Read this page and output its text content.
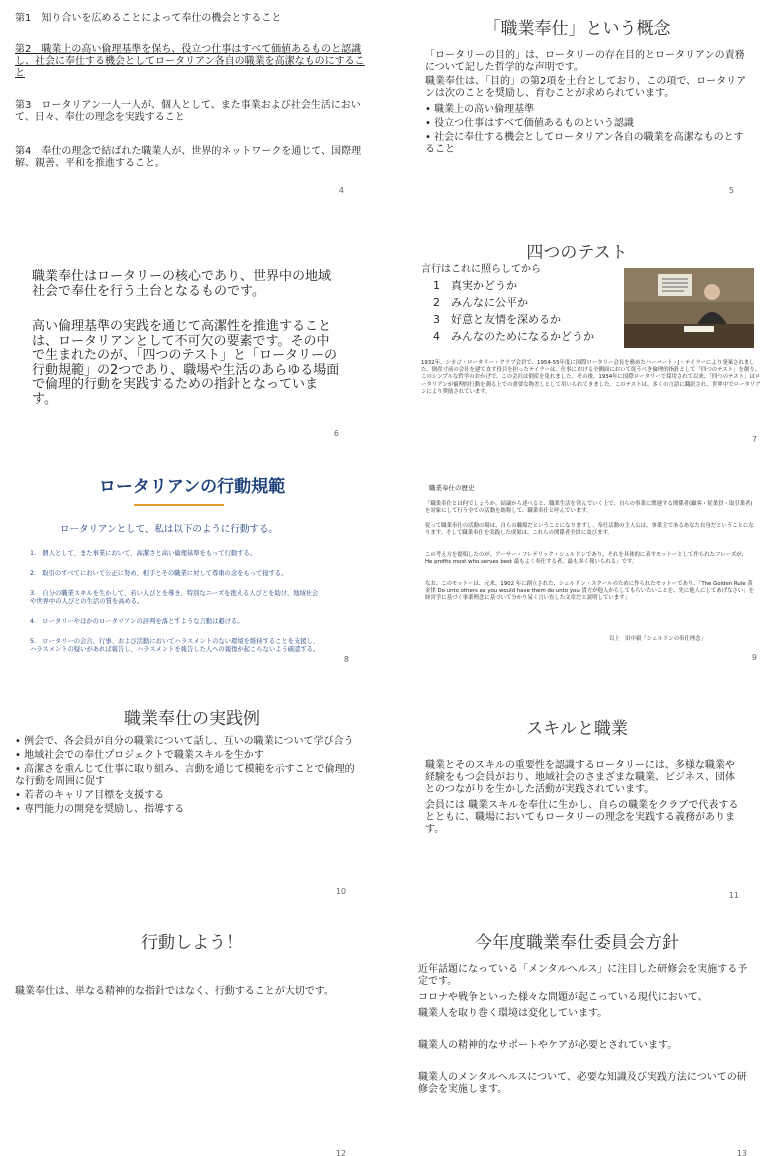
第1　知り合いを広めることによって奉仕の機会とすること
第2　職業上の高い倫理基準を保ち、役立つ仕事はすべて価値あるものと認識し、社会に奉仕する機会としてロータリアン各自の職業を高潔なものにすること
第3　ロータリアン一人一人が、個人として、また事業および社会生活において、日々、奉仕の理念を実践すること
第4　奉仕の理念で結ばれた職業人が、世界的ネットワークを通じて、国際理解、親善、平和を推進すること。
4
「職業奉仕」という概念
「ロータリーの目的」は、ロータリーの存在目的とロータリアンの責務について記した哲学的な声明です。
職業奉仕は、「目的」の第2項を土台としており、この項で、ロータリアンは次のことを奨励し、育むことが求められています。
• 職業上の高い倫理基準
• 役立つ仕事はすべて価値あるものという認識
• 社会に奉仕する機会としてロータリアン各自の職業を高潔なものとすること
5
職業奉仕はロータリーの核心であり、世界中の地域社会で奉仕を行う土台となるものです。
高い倫理基準の実践を通じて高潔性を推進することは、ロータリアンとして不可欠の要素です。その中で生まれたのが、「四つのテスト」と「ロータリーの行動規範」の2つであり、職場や生活のあらゆる場面で倫理的行動を実践するための指針となっています。
6
四つのテスト
言行はこれに照らしてから
1　真実かどうか
2　みんなに公平か
3　好意と友情を深めるか
4　みんなのためになるかどうか
1932年、シカゴ・ロータリー・クラブ会員で、1954-55年度に国際ロータリー会長を務めたハーバート・J・テイラーにより発案されました。倒産寸前の会社を建て直す役目を担ったテイラーは、仕事における全側面において従うべき倫理的指針として「四つのテスト」を創り、このシンプルな哲学のおかげで、この会社は倒産を免れました。その後、1934年に国際ロータリーで採用されて以来、「四つのテスト」はロータリアンが倫理的行動を測る上での重要な物差しとして用いられてきました。このテストは、多くの言語に翻訳され、世界中でロータリアンにより奨励されています。
7
ロータリアンの行動規範
ロータリアンとして、私は以下のように行動する。
1.　個人として、また事業において、高潔さと高い倫理基準をもって行動する。
2.　取引のすべてにおいて公正に努め、相手とその職業に対して尊重の念をもって接する。
3.　自分の職業スキルを生かして、若い人びとを導き、特別なニーズを抱える人びとを助け、地域社会や世界中の人びとの生活の質を高める。
4.　ロータリーやほかのロータリアンの評判を落とすような言動は避ける。
5.　ロータリーの会合、行事、および活動においてハラスメントのない環境を維持することを支援し、ハラスメントの疑いがあれば報告し、ハラスメントを報告した人への報復が起こらないよう確認する。
8
職業奉仕の歴史
「職業奉仕とは何でしょうか。結論から述べると、職業生活を営んでいく上で、自らの事業に関連する関係者(顧客・従業員・取引業者)を対象にして行う全ての活動を総称して、職業奉仕と呼んでいます。
従って職業奉仕の活動の場は、自らの職場だということになりますし、奉仕活動の主人公は、事業主であるあなた自身だということになります。そして職業奉仕を実践した成果は、これらの関係者全員に及びます。
この考え方を提唱したのが、アーサー・フレデリック・シェルドンであり、それを具体的に表すモットーとして作られたフレーズが、 He profits most who serves best 最もよく奉仕する者、最も多く報いられる」です。
なお、このモットーは、元来、1902 年に創立された、シェルドン・スクールのために作られたモットーであり、「The Golden Rule 黄金律 Do unto others as you would have them do unto you 貴方が他人からしてもらいたいことを、先に他人にしてあげなさい」を経営学に基づく事業理念に基づいて分かり易く言い直した文章だと説明しています」
以上　田中毅「シェルドンの奉仕理念」
9
職業奉仕の実践例
• 例会で、各会員が自分の職業について話し、互いの職業について学び合う
• 地域社会での奉仕プロジェクトで職業スキルを生かす
• 高潔さを重んじて仕事に取り組み、言動を通じて模範を示すことで倫理的な行動を周囲に促す
• 若者のキャリア目標を支援する
• 専門能力の開発を奨励し、指導する
10
スキルと職業
職業とそのスキルの重要性を認識するロータリーには、多様な職業や経験をもつ会員がおり、地域社会のさまざまな職業、ビジネス、団体とのつながりを生かした活動が実践されています。
会員には 職業スキルを奉仕に生かし、自らの職業をクラブで代表するとともに、職場においてもロータリーの理念を実践する義務があります。
11
行動しよう！
職業奉仕は、単なる精神的な指針ではなく、行動することが大切です。
12
今年度職業奉仕委員会方針
近年話題になっている「メンタルヘルス」に注目した研修会を実施する予定です。
コロナや戦争といった様々な問題が起こっている現代において、
職業人を取り巻く環境は変化しています。
職業人の精神的なサポートやケアが必要とされています。
職業人のメンタルヘルスについて、必要な知識及び実践方法についての研修会を実施します。
13
